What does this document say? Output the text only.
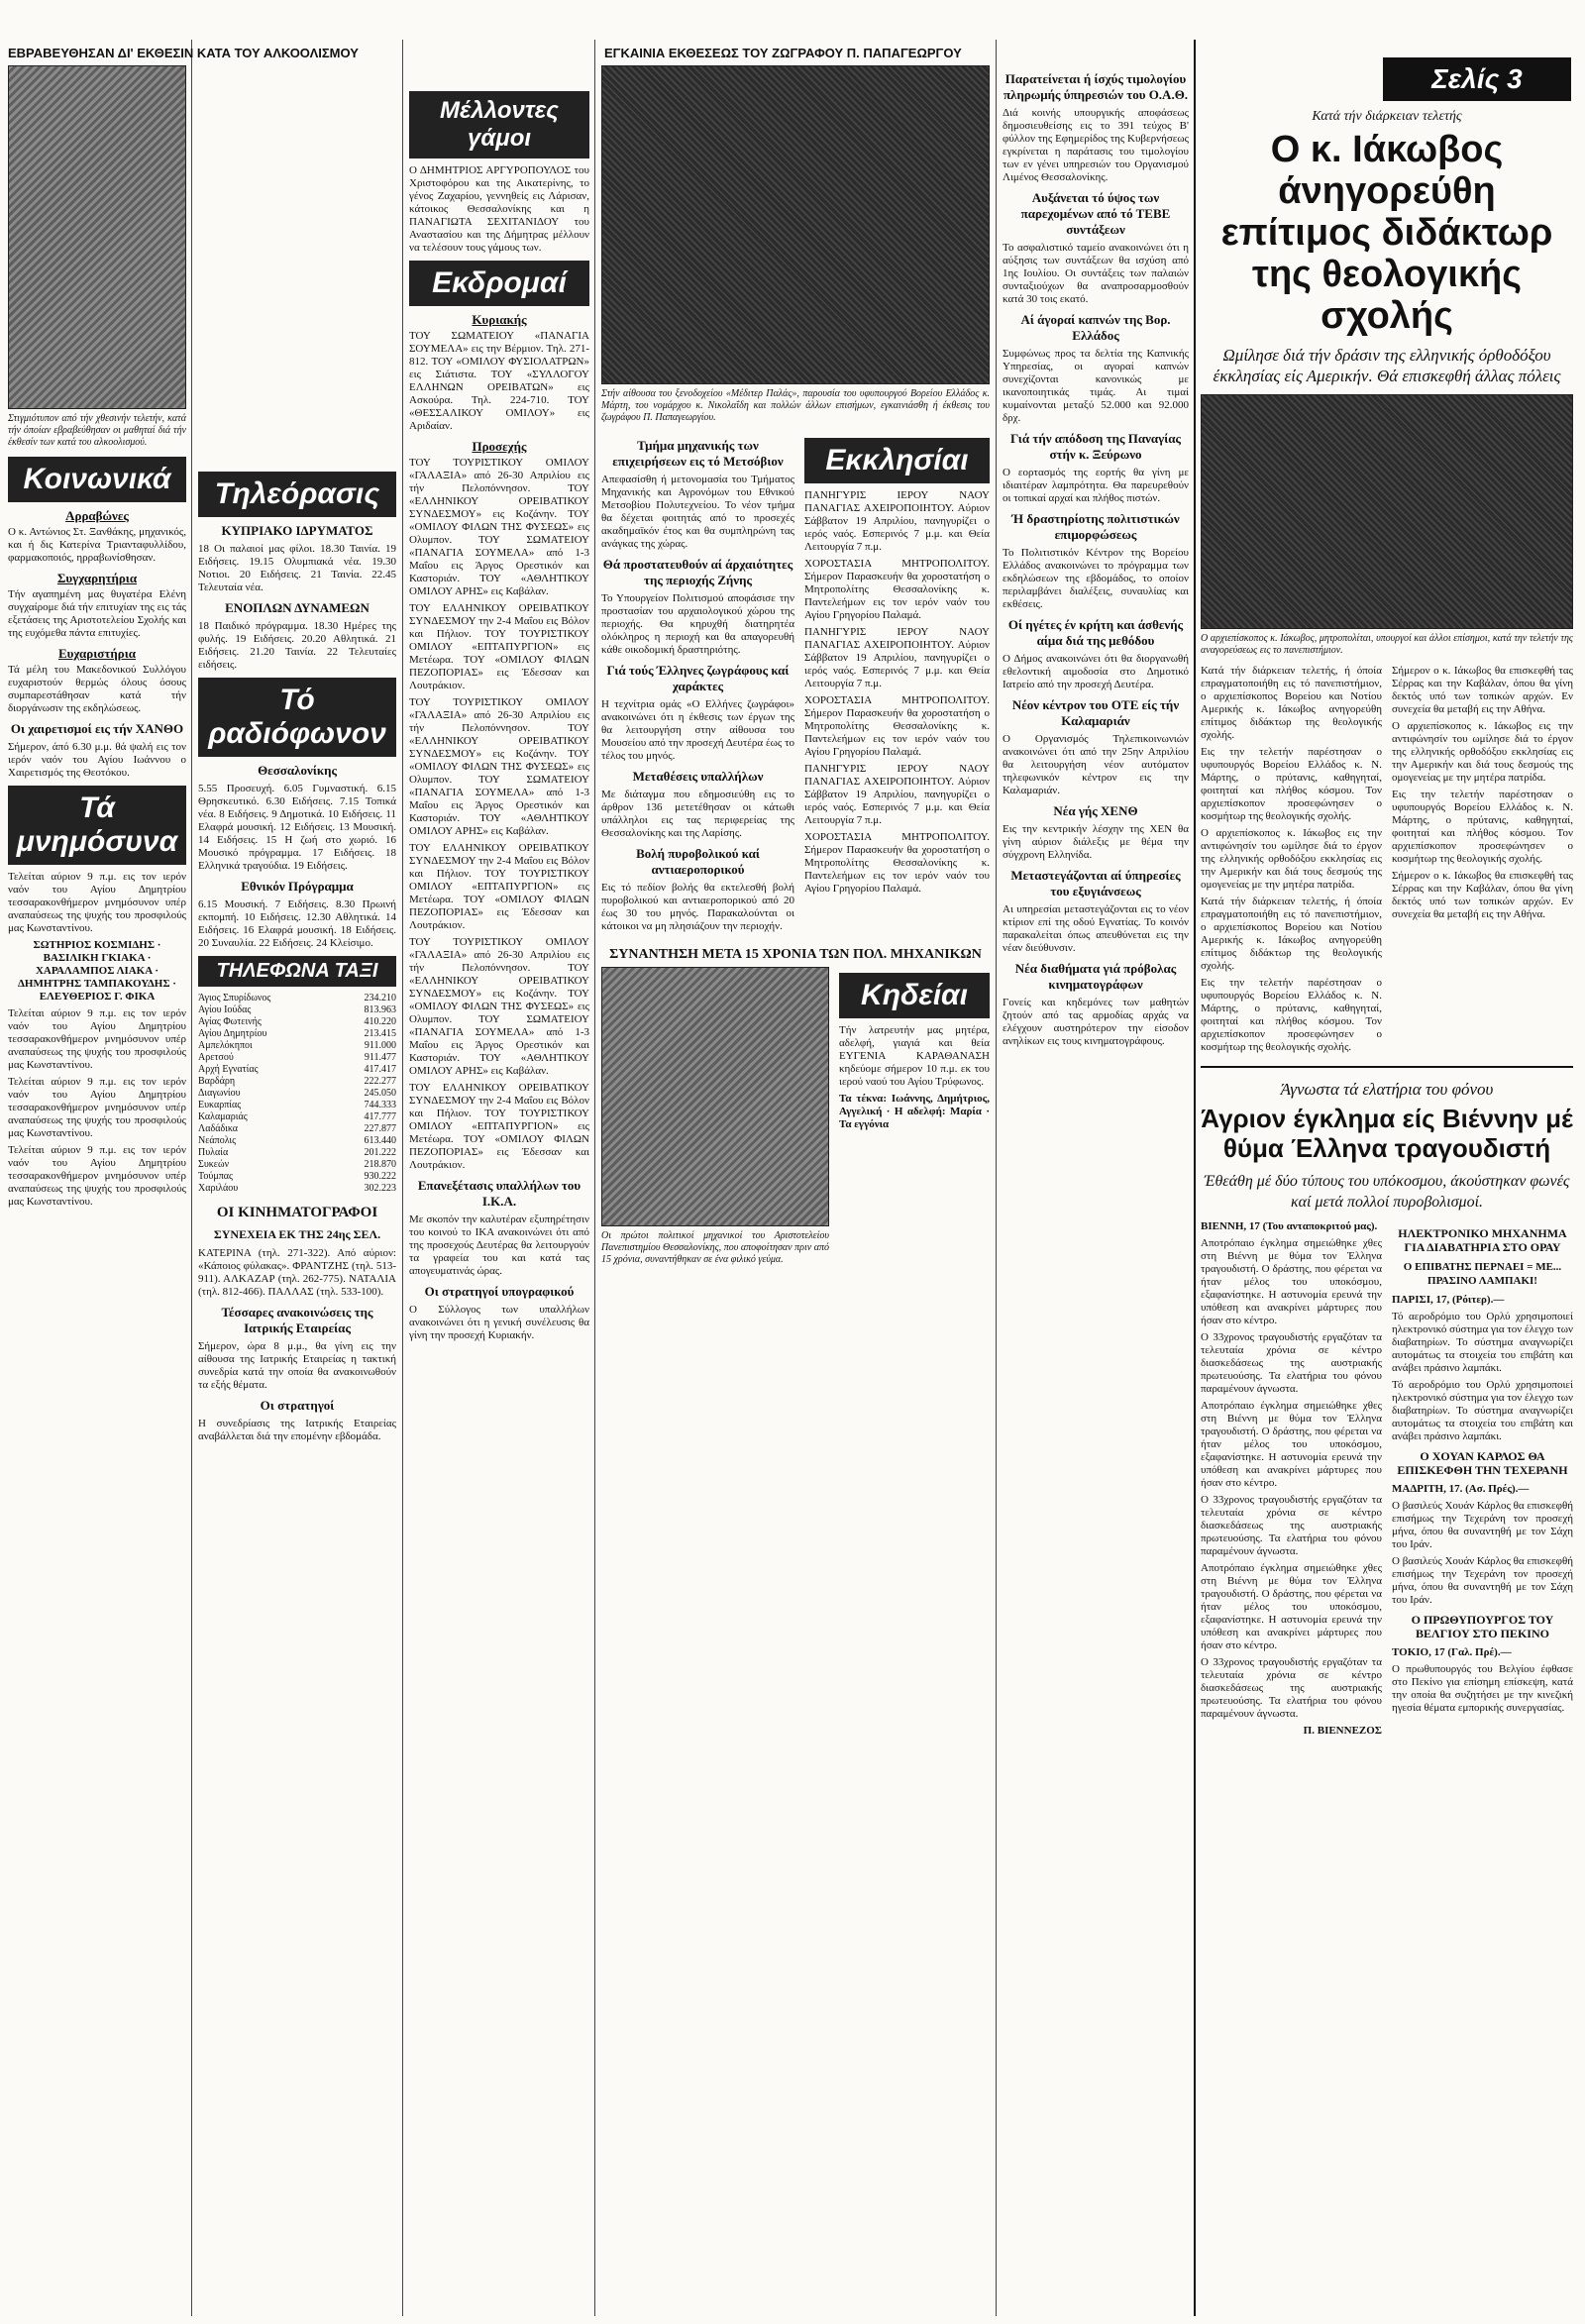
ΕΒΡΑΒΕΥΘΗΣΑΝ ΔΙ' ΕΚΘΕΣΙΝ ΚΑΤΑ ΤΟΥ ΑΛΚΟΟΛΙΣΜΟΥ	ΕΓΚΑΙΝΙΑ ΕΚΘΕΣΕΩΣ ΤΟΥ ΖΩΓΡΑΦΟΥ Π. ΠΑΠΑΓΕΩΡΓΟΥ

Στιγμιότυπον από τήν χθεσινήν τελετήν, κατά τήν όποίαν εβραβεύθησαν οι μαθηταί διά τήν έκθεσίν των κατά του αλκοολισμού.

Κοινωνικά
Αρραβώνες

Ο κ. Αντώνιος Στ. Ξανθάκης, μηχανικός, και ή δις Κατερίνα Τριανταφυλλίδου, φαρμακοποιός, ηρραβωνίσθησαν.

Συγχαρητήρια

Τήν αγαπημένη μας θυγατέρα Ελένη συγχαίρομε διά τήν επιτυχίαν της εις τάς εξετάσεις της Αριστοτελείου Σχολής και της ευχόμεθα πάντα επιτυχίες.

Ευχαριστήρια

Τά μέλη του Μακεδονικού Συλλόγου ευχαριστούν θερμώς όλους όσους συμπαρεστάθησαν κατά τήν διοργάνωσιν της εκδηλώσεως.

Οι χαιρετισμοί εις τήν ΧΑΝΘΟ

Σήμερον, άπό 6.30 μ.μ. θά ψαλή εις τον ιερόν ναόν του Αγίου Ιωάννου ο Χαιρετισμός της Θεοτόκου.

Τά μνημόσυνα

Τελείται αύριον 9 π.μ. εις τον ιερόν ναόν του Αγίου Δημητρίου τεσσαρακονθήμερον μνημόσυνον υπέρ αναπαύσεως της ψυχής του προσφιλούς μας Κωνσταντίνου.

ΣΩΤΗΡΙΟΣ ΚΟΣΜΙΔΗΣ · ΒΑΣΙΛΙΚΗ ΓΚΙΑΚΑ · ΧΑΡΑΛΑΜΠΟΣ ΛΙΑΚΑ · ΔΗΜΗΤΡΗΣ ΤΑΜΠΑΚΟΥΔΗΣ · ΕΛΕΥΘΕΡΙΟΣ Γ. ΦΙΚΑ

Τελείται αύριον 9 π.μ. εις τον ιερόν ναόν του Αγίου Δημητρίου τεσσαρακονθήμερον μνημόσυνον υπέρ αναπαύσεως της ψυχής του προσφιλούς μας Κωνσταντίνου.

Τελείται αύριον 9 π.μ. εις τον ιερόν ναόν του Αγίου Δημητρίου τεσσαρακονθήμερον μνημόσυνον υπέρ αναπαύσεως της ψυχής του προσφιλούς μας Κωνσταντίνου.

Τελείται αύριον 9 π.μ. εις τον ιερόν ναόν του Αγίου Δημητρίου τεσσαρακονθήμερον μνημόσυνον υπέρ αναπαύσεως της ψυχής του προσφιλούς μας Κωνσταντίνου.

Τηλεόρασις
ΚΥΠΡΙΑΚΟ ΙΔΡΥΜΑΤΟΣ

18 Οι παλαιοί μας φίλοι. 18.30 Ταινία. 19 Ειδήσεις. 19.15 Ολυμπιακά νέα. 19.30 Νοτιοι. 20 Ειδήσεις. 21 Ταινία. 22.45 Τελευταία νέα.

ΕΝΟΠΛΩΝ ΔΥΝΑΜΕΩΝ

18 Παιδικό πρόγραμμα. 18.30 Ημέρες της φυλής. 19 Ειδήσεις. 20.20 Αθλητικά. 21 Ειδήσεις. 21.20 Ταινία. 22 Τελευταίες ειδήσεις.

Τό ραδιόφωνον
Θεσσαλονίκης

5.55 Προσευχή. 6.05 Γυμναστική. 6.15 Θρησκευτικό. 6.30 Ειδήσεις. 7.15 Τοπικά νέα. 8 Ειδήσεις. 9 Δημοτικά. 10 Ειδήσεις. 11 Ελαφρά μουσική. 12 Ειδήσεις. 13 Μουσική. 14 Ειδήσεις. 15 Η ζωή στο χωριό. 16 Μουσικό πρόγραμμα. 17 Ειδήσεις. 18 Ελληνικά τραγούδια. 19 Ειδήσεις.

Εθνικόν Πρόγραμμα

6.15 Μουσική. 7 Ειδήσεις. 8.30 Πρωινή εκπομπή. 10 Ειδήσεις. 12.30 Αθλητικά. 14 Ειδήσεις. 16 Ελαφρά μουσική. 18 Ειδήσεις. 20 Συναυλία. 22 Ειδήσεις. 24 Κλείσιμο.

ΤΗΛΕΦΩΝΑ ΤΑΞΙ
Άγιος Σπυρίδωνος	234.210
Αγίου Ιούδας	813.963
Αγίας Φωτεινής	410.220
Αγίου Δημητρίου	213.415
Αμπελόκηποι	911.000
Αρετσού	911.477
Αρχή Εγνατίας	417.417
Βαρδάρη	222.277
Διαγωνίου	245.050
Ευκαρπίας	744.333
Καλαμαριάς	417.777
Λαδάδικα	227.877
Νεάπολις	613.440
Πυλαία	201.222
Συκεών	218.870
Τούμπας	930.222
Χαριλάου	302.223
ΟΙ ΚΙΝΗΜΑΤΟΓΡΑΦΟΙ
ΣΥΝΕΧΕΙΑ ΕΚ ΤΗΣ 24ης ΣΕΛ.

ΚΑΤΕΡΙΝΑ (τηλ. 271-322). Από αύριον: «Κάποιος φύλακας». ΦΡΑΝΤΖΗΣ (τηλ. 513-911). ΑΛΚΑΖΑΡ (τηλ. 262-775). ΝΑΤΑΛΙΑ (τηλ. 812-466). ΠΑΛΛΑΣ (τηλ. 533-100).

Τέσσαρες ανακοινώσεις της Ιατρικής Εταιρείας

Σήμερον, ώρα 8 μ.μ., θα γίνη εις την αίθουσα της Ιατρικής Εταιρείας η τακτική συνεδρία κατά την οποία θα ανακοινωθούν τα εξής θέματα.

Οι στρατηγοί

Η συνεδρίασις της Ιατρικής Εταιρείας αναβάλλεται διά την επομένην εβδομάδα.

Μέλλοντες γάμοι

Ο ΔΗΜΗΤΡΙΟΣ ΑΡΓΥΡΟΠΟΥΛΟΣ του Χριστοφόρου και της Αικατερίνης, το γένος Ζαχαρίου, γεννηθείς εις Λάρισαν, κάτοικος Θεσσαλονίκης και η ΠΑΝΑΓΙΩΤΑ ΣΕΧΙΤΑΝΙΔΟΥ του Αναστασίου και της Δήμητρας μέλλουν να τελέσουν τους γάμους των.

Εκδρομαί
Κυριακής

ΤΟΥ ΣΩΜΑΤΕΙΟΥ «ΠΑΝΑΓΙΑ ΣΟΥΜΕΛΑ» εις την Βέρμιον. Τηλ. 271-812. ΤΟΥ «ΟΜΙΛΟΥ ΦΥΣΙΟΛΑΤΡΩΝ» εις Σιάτιστα. ΤΟΥ «ΣΥΛΛΟΓΟΥ ΕΛΛΗΝΩΝ ΟΡΕΙΒΑΤΩΝ» εις Ασκούρα. Τηλ. 224-710. ΤΟΥ «ΘΕΣΣΑΛΙΚΟΥ ΟΜΙΛΟΥ» εις Αριδαίαν.

Προσεχής

ΤΟΥ ΤΟΥΡΙΣΤΙΚΟΥ ΟΜΙΛΟΥ «ΓΑΛΑΞΙΑ» από 26-30 Απριλίου εις τήν Πελοπόννησον. ΤΟΥ «ΕΛΛΗΝΙΚΟΥ ΟΡΕΙΒΑΤΙΚΟΥ ΣΥΝΔΕΣΜΟΥ» εις Κοζάνην. ΤΟΥ «ΟΜΙΛΟΥ ΦΙΛΩΝ ΤΗΣ ΦΥΣΕΩΣ» εις Ολυμπον. ΤΟΥ ΣΩΜΑΤΕΙΟΥ «ΠΑΝΑΓΙΑ ΣΟΥΜΕΛΑ» από 1-3 Μαΐου εις Άργος Ορεστικόν και Καστοριάν. ΤΟΥ «ΑΘΛΗΤΙΚΟΥ ΟΜΙΛΟΥ ΑΡΗΣ» εις Καβάλαν.

ΤΟΥ ΕΛΛΗΝΙΚΟΥ ΟΡΕΙΒΑΤΙΚΟΥ ΣΥΝΔΕΣΜΟΥ την 2-4 Μαΐου εις Βόλον και Πήλιον. ΤΟΥ ΤΟΥΡΙΣΤΙΚΟΥ ΟΜΙΛΟΥ «ΕΠΤΑΠΥΡΓΙΟΝ» εις Μετέωρα. ΤΟΥ «ΟΜΙΛΟΥ ΦΙΛΩΝ ΠΕΖΟΠΟΡΙΑΣ» εις Έδεσσαν και Λουτράκιον.

ΤΟΥ ΤΟΥΡΙΣΤΙΚΟΥ ΟΜΙΛΟΥ «ΓΑΛΑΞΙΑ» από 26-30 Απριλίου εις τήν Πελοπόννησον. ΤΟΥ «ΕΛΛΗΝΙΚΟΥ ΟΡΕΙΒΑΤΙΚΟΥ ΣΥΝΔΕΣΜΟΥ» εις Κοζάνην. ΤΟΥ «ΟΜΙΛΟΥ ΦΙΛΩΝ ΤΗΣ ΦΥΣΕΩΣ» εις Ολυμπον. ΤΟΥ ΣΩΜΑΤΕΙΟΥ «ΠΑΝΑΓΙΑ ΣΟΥΜΕΛΑ» από 1-3 Μαΐου εις Άργος Ορεστικόν και Καστοριάν. ΤΟΥ «ΑΘΛΗΤΙΚΟΥ ΟΜΙΛΟΥ ΑΡΗΣ» εις Καβάλαν.

ΤΟΥ ΕΛΛΗΝΙΚΟΥ ΟΡΕΙΒΑΤΙΚΟΥ ΣΥΝΔΕΣΜΟΥ την 2-4 Μαΐου εις Βόλον και Πήλιον. ΤΟΥ ΤΟΥΡΙΣΤΙΚΟΥ ΟΜΙΛΟΥ «ΕΠΤΑΠΥΡΓΙΟΝ» εις Μετέωρα. ΤΟΥ «ΟΜΙΛΟΥ ΦΙΛΩΝ ΠΕΖΟΠΟΡΙΑΣ» εις Έδεσσαν και Λουτράκιον.

ΤΟΥ ΤΟΥΡΙΣΤΙΚΟΥ ΟΜΙΛΟΥ «ΓΑΛΑΞΙΑ» από 26-30 Απριλίου εις τήν Πελοπόννησον. ΤΟΥ «ΕΛΛΗΝΙΚΟΥ ΟΡΕΙΒΑΤΙΚΟΥ ΣΥΝΔΕΣΜΟΥ» εις Κοζάνην. ΤΟΥ «ΟΜΙΛΟΥ ΦΙΛΩΝ ΤΗΣ ΦΥΣΕΩΣ» εις Ολυμπον. ΤΟΥ ΣΩΜΑΤΕΙΟΥ «ΠΑΝΑΓΙΑ ΣΟΥΜΕΛΑ» από 1-3 Μαΐου εις Άργος Ορεστικόν και Καστοριάν. ΤΟΥ «ΑΘΛΗΤΙΚΟΥ ΟΜΙΛΟΥ ΑΡΗΣ» εις Καβάλαν.

ΤΟΥ ΕΛΛΗΝΙΚΟΥ ΟΡΕΙΒΑΤΙΚΟΥ ΣΥΝΔΕΣΜΟΥ την 2-4 Μαΐου εις Βόλον και Πήλιον. ΤΟΥ ΤΟΥΡΙΣΤΙΚΟΥ ΟΜΙΛΟΥ «ΕΠΤΑΠΥΡΓΙΟΝ» εις Μετέωρα. ΤΟΥ «ΟΜΙΛΟΥ ΦΙΛΩΝ ΠΕΖΟΠΟΡΙΑΣ» εις Έδεσσαν και Λουτράκιον.

Επανεξέτασις υπαλλήλων του Ι.Κ.Α.

Με σκοπόν την καλυτέραν εξυπηρέτησιν του κοινού το ΙΚΑ ανακοινώνει ότι από της προσεχούς Δευτέρας θα λειτουργούν τα γραφεία του και κατά τας απογευματινάς ώρας.

Οι στρατηγοί υπογραφικού

Ο Σύλλογος των υπαλλήλων ανακοινώνει ότι η γενική συνέλευσις θα γίνη την προσεχή Κυριακήν.

Στήν αίθουσα του ξενοδοχείου «Μέδιτερ Παλάς», παρουσία του υφυπουργού Βορείου Ελλάδος κ. Μάρτη, του νομάρχου κ. Νικολαΐδη και πολλών άλλων επισήμων, εγκαινιάσθη ή έκθεσις του ζωγράφου Π. Παπαγεωργίου.

Τμήμα μηχανικής των επιχειρήσεων εις τό Μετσόβιον

Απεφασίσθη ή μετονομασία του Τμήματος Μηχανικής και Αγρονόμων του Εθνικού Μετσοβίου Πολυτεχνείου. Το νέον τμήμα θα δέχεται φοιτητάς από το προσεχές ακαδημαϊκόν έτος και θα συμπληρώνη τας ανάγκας της χώρας.

Θά προστατευθούν αί άρχαιότητες της περιοχής Ζήνης

Το Υπουργείον Πολιτισμού αποφάσισε την προστασίαν του αρχαιολογικού χώρου της περιοχής. Θα κηρυχθή διατηρητέα ολόκληρος η περιοχή και θα απαγορευθή κάθε οικοδομική δραστηριότης.

Γιά τούς Έλληνες ζωγράφους καί χαράκτες

Η τεχνίτρια ομάς «Ο Ελλήνες ζωγράφοι» ανακοινώνει ότι η έκθεσις των έργων της θα λειτουργήση στην αίθουσα του Μουσείου από την προσεχή Δευτέρα έως το τέλος του μηνός.

Μεταθέσεις υπαλλήλων

Με διάταγμα που εδημοσιεύθη εις το άρθρον 136 μετετέθησαν οι κάτωθι υπάλληλοι εις τας περιφερείας της Θεσσαλονίκης και της Λαρίσης.

Βολή πυροβολικού καί αντιαεροπορικού

Εις τό πεδίον βολής θα εκτελεσθή βολή πυροβολικού και αντιαεροπορικού από 20 έως 30 του μηνός. Παρακαλούνται οι κάτοικοι να μη πλησιάζουν την περιοχήν.

Εκκλησίαι

ΠΑΝΗΓΥΡΙΣ ΙΕΡΟΥ ΝΑΟΥ ΠΑΝΑΓΙΑΣ ΑΧΕΙΡΟΠΟΙΗΤΟΥ. Αύριον Σάββατον 19 Απριλίου, πανηγυρίζει ο ιερός ναός. Εσπερινός 7 μ.μ. και Θεία Λειτουργία 7 π.μ.

ΧΟΡΟΣΤΑΣΙΑ ΜΗΤΡΟΠΟΛΙΤΟΥ. Σήμερον Παρασκευήν θα χοροστατήση ο Μητροπολίτης Θεσσαλονίκης κ. Παντελεήμων εις τον ιερόν ναόν του Αγίου Γρηγορίου Παλαμά.

ΠΑΝΗΓΥΡΙΣ ΙΕΡΟΥ ΝΑΟΥ ΠΑΝΑΓΙΑΣ ΑΧΕΙΡΟΠΟΙΗΤΟΥ. Αύριον Σάββατον 19 Απριλίου, πανηγυρίζει ο ιερός ναός. Εσπερινός 7 μ.μ. και Θεία Λειτουργία 7 π.μ.

ΧΟΡΟΣΤΑΣΙΑ ΜΗΤΡΟΠΟΛΙΤΟΥ. Σήμερον Παρασκευήν θα χοροστατήση ο Μητροπολίτης Θεσσαλονίκης κ. Παντελεήμων εις τον ιερόν ναόν του Αγίου Γρηγορίου Παλαμά.

ΠΑΝΗΓΥΡΙΣ ΙΕΡΟΥ ΝΑΟΥ ΠΑΝΑΓΙΑΣ ΑΧΕΙΡΟΠΟΙΗΤΟΥ. Αύριον Σάββατον 19 Απριλίου, πανηγυρίζει ο ιερός ναός. Εσπερινός 7 μ.μ. και Θεία Λειτουργία 7 π.μ.

ΧΟΡΟΣΤΑΣΙΑ ΜΗΤΡΟΠΟΛΙΤΟΥ. Σήμερον Παρασκευήν θα χοροστατήση ο Μητροπολίτης Θεσσαλονίκης κ. Παντελεήμων εις τον ιερόν ναόν του Αγίου Γρηγορίου Παλαμά.

ΣΥΝΑΝΤΗΣΗ ΜΕΤΑ 15 ΧΡΟΝΙΑ ΤΩΝ ΠΟΛ. ΜΗΧΑΝΙΚΩΝ

Οι πρώτοι πολιτικοί μηχανικοί του Αριστοτελείου Πανεπιστημίου Θεσσαλονίκης, που αποφοίτησαν πριν από 15 χρόνια, συναντήθηκαν σε ένα φιλικό γεύμα.

Κηδείαι

Τήν λατρευτήν μας μητέρα, αδελφή, γιαγιά και θεία ΕΥΓΕΝΙΑ ΚΑΡΑΘΑΝΑΣΗ κηδεύομε σήμερον 10 π.μ. εκ του ιερού ναού του Αγίου Τρύφωνος.

Τα τέκνα: Ιωάννης, Δημήτριος, Αγγελική · Η αδελφή: Μαρία · Τα εγγόνια

Παρατείνεται ή ίσχύς τιμολογίου πληρωμής ύπηρεσιών του Ο.Α.Θ.

Διά κοινής υπουργικής αποφάσεως δημοσιευθείσης εις το 391 τεύχος Β' φύλλον της Εφημερίδος της Κυβερνήσεως εγκρίνεται η παράτασις του τιμολογίου των εν γένει υπηρεσιών του Οργανισμού Λιμένος Θεσσαλονίκης.

Αυξάνεται τό ύψος των παρεχομένων από τό ΤΕΒΕ συντάξεων

Το ασφαλιστικό ταμείο ανακοινώνει ότι η αύξησις των συντάξεων θα ισχύση από 1ης Ιουλίου. Οι συντάξεις των παλαιών συνταξιούχων θα αναπροσαρμοσθούν κατά 30 τοις εκατό.

Αί άγοραί καπνών της Βορ. Ελλάδος

Συμφώνως προς τα δελτία της Καπνικής Υπηρεσίας, οι αγοραί καπνών συνεχίζονται κανονικώς με ικανοποιητικάς τιμάς. Αι τιμαί κυμαίνονται μεταξύ 52.000 και 92.000 δρχ.

Γιά τήν απόδοση της Παναγίας στήν κ. Ξεύρωνο

Ο εορτασμός της εορτής θα γίνη με ιδιαιτέραν λαμπρότητα. Θα παρευρεθούν οι τοπικαί αρχαί και πλήθος πιστών.

Ή δραστηρίοτης πολιτιστικών επιμορφώσεως

Το Πολιτιστικόν Κέντρον της Βορείου Ελλάδος ανακοινώνει το πρόγραμμα των εκδηλώσεων της εβδομάδος, το οποίον περιλαμβάνει διαλέξεις, συναυλίας και εκθέσεις.

Οί ηγέτες έν κρήτη και άσθενής αίμα διά της μεθόδου

Ο Δήμος ανακοινώνει ότι θα διοργανωθή εθελοντική αιμοδοσία στο Δημοτικό Ιατρείο από την προσεχή Δευτέρα.

Νέον κέντρον του ΟΤΕ είς τήν Καλαμαριάν

Ο Οργανισμός Τηλεπικοινωνιών ανακοινώνει ότι από την 25ην Απριλίου θα λειτουργήση νέον αυτόματον τηλεφωνικόν κέντρον εις την Καλαμαριάν.

Νέα γής ΧΕΝΘ

Εις την κεντρικήν λέσχην της ΧΕΝ θα γίνη αύριον διάλεξις με θέμα την σύγχρονη Ελληνίδα.

Μεταστεγάζονται αί ύπηρεσίες του εξυγιάνσεως

Αι υπηρεσίαι μεταστεγάζονται εις το νέον κτίριον επί της οδού Εγνατίας. Το κοινόν παρακαλείται όπως απευθύνεται εις την νέαν διεύθυνσιν.

Νέα διαθήματα γιά πρόβολας κινηματογράφων

Γονείς και κηδεμόνες των μαθητών ζητούν από τας αρμοδίας αρχάς να ελέγχουν αυστηρότερον την είσοδον ανηλίκων εις τους κινηματογράφους.

Σελίς 3
Κατά τήν διάρκειαν τελετής
Ο κ. Ιάκωβος άνηγορεύθη επίτιμος διδάκτωρ της θεολογικής σχολής
Ωμίλησε διά τήν δράσιν της ελληνικής όρθοδόξου έκκλησίας είς Αμερικήν. Θά επισκεφθή άλλας πόλεις

Ο αρχιεπίσκοπος κ. Ιάκωβος, μητροπολίται, υπουργοί και άλλοι επίσημοι, κατά την τελετήν της αναγορεύσεως εις το πανεπιστήμιον.

Κατά τήν διάρκειαν τελετής, ή όποία επραγματοποιήθη εις τό πανεπιστήμιον, ο αρχιεπίσκοπος Βορείου και Νοτίου Αμερικής κ. Ιάκωβος ανηγορεύθη επίτιμος διδάκτωρ της θεολογικής σχολής.

Εις την τελετήν παρέστησαν ο υφυπουργός Βορείου Ελλάδος κ. Ν. Μάρτης, ο πρύτανις, καθηγηταί, φοιτηταί και πλήθος κόσμου. Τον αρχιεπίσκοπον προσεφώνησεν ο κοσμήτωρ της θεολογικής σχολής.

Ο αρχιεπίσκοπος κ. Ιάκωβος εις την αντιφώνησίν του ωμίλησε διά το έργον της ελληνικής ορθοδόξου εκκλησίας εις την Αμερικήν και διά τους δεσμούς της ομογενείας με την μητέρα πατρίδα.

Κατά τήν διάρκειαν τελετής, ή όποία επραγματοποιήθη εις τό πανεπιστήμιον, ο αρχιεπίσκοπος Βορείου και Νοτίου Αμερικής κ. Ιάκωβος ανηγορεύθη επίτιμος διδάκτωρ της θεολογικής σχολής.

Εις την τελετήν παρέστησαν ο υφυπουργός Βορείου Ελλάδος κ. Ν. Μάρτης, ο πρύτανις, καθηγηταί, φοιτηταί και πλήθος κόσμου. Τον αρχιεπίσκοπον προσεφώνησεν ο κοσμήτωρ της θεολογικής σχολής.

Σήμερον ο κ. Ιάκωβος θα επισκεφθή τας Σέρρας και την Καβάλαν, όπου θα γίνη δεκτός υπό των τοπικών αρχών. Εν συνεχεία θα μεταβή εις την Αθήνα.

Ο αρχιεπίσκοπος κ. Ιάκωβος εις την αντιφώνησίν του ωμίλησε διά το έργον της ελληνικής ορθοδόξου εκκλησίας εις την Αμερικήν και διά τους δεσμούς της ομογενείας με την μητέρα πατρίδα.

Εις την τελετήν παρέστησαν ο υφυπουργός Βορείου Ελλάδος κ. Ν. Μάρτης, ο πρύτανις, καθηγηταί, φοιτηταί και πλήθος κόσμου. Τον αρχιεπίσκοπον προσεφώνησεν ο κοσμήτωρ της θεολογικής σχολής.

Σήμερον ο κ. Ιάκωβος θα επισκεφθή τας Σέρρας και την Καβάλαν, όπου θα γίνη δεκτός υπό των τοπικών αρχών. Εν συνεχεία θα μεταβή εις την Αθήνα.

Άγνωστα τά ελατήρια του φόνου
Άγριον έγκλημα είς Βιέννην μέ θύμα Έλληνα τραγουδιστή
Έθεάθη μέ δύο τύπους του υπόκοσμου, άκούστηκαν φωνές καί μετά πολλοί πυροβολισμοί.

ΒΙΕΝΝΗ, 17 (Του ανταποκριτού μας).

Αποτρόπαιο έγκλημα σημειώθηκε χθες στη Βιέννη με θύμα τον Έλληνα τραγουδιστή. Ο δράστης, που φέρεται να ήταν μέλος του υποκόσμου, εξαφανίστηκε. Η αστυνομία ερευνά την υπόθεση και ανακρίνει μάρτυρες που ήσαν στο κέντρο.

Ο 33χρονος τραγουδιστής εργαζόταν τα τελευταία χρόνια σε κέντρο διασκεδάσεως της αυστριακής πρωτευούσης. Τα ελατήρια του φόνου παραμένουν άγνωστα.

Αποτρόπαιο έγκλημα σημειώθηκε χθες στη Βιέννη με θύμα τον Έλληνα τραγουδιστή. Ο δράστης, που φέρεται να ήταν μέλος του υποκόσμου, εξαφανίστηκε. Η αστυνομία ερευνά την υπόθεση και ανακρίνει μάρτυρες που ήσαν στο κέντρο.

Ο 33χρονος τραγουδιστής εργαζόταν τα τελευταία χρόνια σε κέντρο διασκεδάσεως της αυστριακής πρωτευούσης. Τα ελατήρια του φόνου παραμένουν άγνωστα.

Αποτρόπαιο έγκλημα σημειώθηκε χθες στη Βιέννη με θύμα τον Έλληνα τραγουδιστή. Ο δράστης, που φέρεται να ήταν μέλος του υποκόσμου, εξαφανίστηκε. Η αστυνομία ερευνά την υπόθεση και ανακρίνει μάρτυρες που ήσαν στο κέντρο.

Ο 33χρονος τραγουδιστής εργαζόταν τα τελευταία χρόνια σε κέντρο διασκεδάσεως της αυστριακής πρωτευούσης. Τα ελατήρια του φόνου παραμένουν άγνωστα.

Π. ΒΙΕΝΝΕΖΟΣ

ΗΛΕΚΤΡΟΝΙΚΟ ΜΗΧΑΝΗΜΑ ΓΙΑ ΔΙΑΒΑΤΗΡΙΑ ΣΤΟ ΟΡΑΥ
Ο ΕΠΙΒΑΤΗΣ ΠΕΡΝΑΕΙ = ΜΕ... ΠΡΑΣΙΝΟ ΛΑΜΠΑΚΙ!

ΠΑΡΙΣΙ, 17, (Ρόιτερ).—

Τό αεροδρόμιο του Ορλύ χρησιμοποιεί ηλεκτρονικό σύστημα για τον έλεγχο των διαβατηρίων. Το σύστημα αναγνωρίζει αυτομάτως τα στοιχεία του επιβάτη και ανάβει πράσινο λαμπάκι.

Τό αεροδρόμιο του Ορλύ χρησιμοποιεί ηλεκτρονικό σύστημα για τον έλεγχο των διαβατηρίων. Το σύστημα αναγνωρίζει αυτομάτως τα στοιχεία του επιβάτη και ανάβει πράσινο λαμπάκι.

Ο ΧΟΥΑΝ ΚΑΡΛΟΣ ΘΑ ΕΠΙΣΚΕΦΘΗ ΤΗΝ ΤΕΧΕΡΑΝΗ

ΜΑΔΡΙΤΗ, 17. (Ασ. Πρές).—

Ο βασιλεύς Χουάν Κάρλος θα επισκεφθή επισήμως την Τεχεράνη τον προσεχή μήνα, όπου θα συναντηθή με τον Σάχη του Ιράν.

Ο βασιλεύς Χουάν Κάρλος θα επισκεφθή επισήμως την Τεχεράνη τον προσεχή μήνα, όπου θα συναντηθή με τον Σάχη του Ιράν.

Ο ΠΡΩΘΥΠΟΥΡΓΟΣ ΤΟΥ ΒΕΛΓΙΟΥ ΣΤΟ ΠΕΚΙΝΟ

ΤΟΚΙΟ, 17 (Γαλ. Πρέ).—

Ο πρωθυπουργός του Βελγίου έφθασε στο Πεκίνο για επίσημη επίσκεψη, κατά την οποία θα συζητήσει με την κινεζική ηγεσία θέματα εμπορικής συνεργασίας.
